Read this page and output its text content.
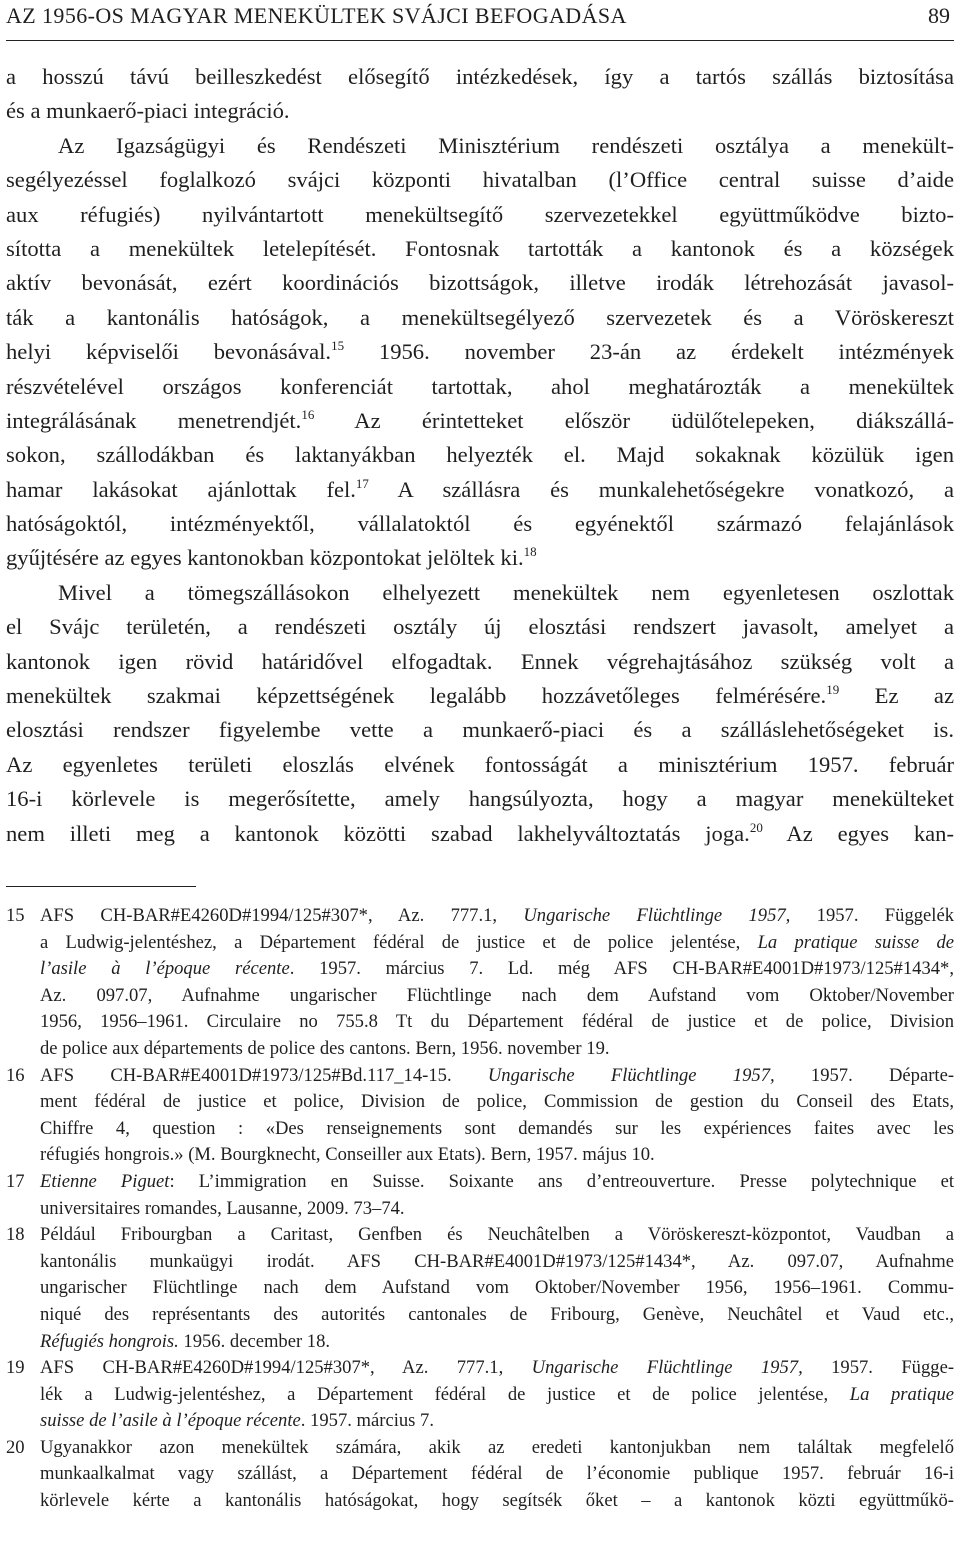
AZ 1956-OS MAGYAR MENEKÜLTEK SVÁJCI BEFOGADÁSA	89
a hosszú távú beilleszkedést elősegítő intézkedések, így a tartós szállás biztosítása
és a munkaerő-piaci integráció.
Az Igazságügyi és Rendészeti Minisztérium rendészeti osztálya a menekült-
segélyezéssel foglalkozó svájci központi hivatalban (l’Office central suisse d’aide
aux réfugiés) nyilvántartott menekültsegítő szervezetekkel együttműködve bizto-
sította a menekültek letelepítését. Fontosnak tartották a kantonok és a községek
aktív bevonását, ezért koordinációs bizottságok, illetve irodák létrehozását javasol-
ták a kantonális hatóságok, a menekültsegélyező szervezetek és a Vöröskereszt
helyi képviselői bevonásával.$^{15}$ 1956. november 23-án az érdekelt intézmények
részvételével országos konferenciát tartottak, ahol meghatározták a menekültek
integrálásának menetrendjét.$^{16}$ Az érintetteket először üdülőtelepeken, diákszállá-
sokon, szállodákban és laktanyákban helyezték el. Majd sokaknak közülük igen
hamar lakásokat ajánlottak fel.$^{17}$ A szállásra és munkalehetőségekre vonatkozó, a
hatóságoktól, intézményektől, vállalatoktól és egyénektől származó felajánlások
gyűjtésére az egyes kantonokban központokat jelöltek ki.$^{18}$
Mivel a tömegszállásokon elhelyezett menekültek nem egyenletesen oszlottak
el Svájc területén, a rendészeti osztály új elosztási rendszert javasolt, amelyet a
kantonok igen rövid határidővel elfogadtak. Ennek végrehajtásához szükség volt a
menekültek szakmai képzettségének legalább hozzávetőleges felmérésére.$^{19}$ Ez az
elosztási rendszer figyelembe vette a munkaerő-piaci és a szálláslehetőségeket is.
Az egyenletes területi eloszlás elvének fontosságát a minisztérium 1957. február
16-i körlevele is megerősítette, amely hangsúlyozta, hogy a magyar menekülteket
nem illeti meg a kantonok közötti szabad lakhelyváltoztatás joga.$^{20}$ Az egyes kan-
15 AFS CH-BAR#E4260D#1994/125#307*, Az. 777.1, Ungarische Flüchtlinge 1957, 1957. Függelék
a Ludwig-jelentéshez, a Département fédéral de justice et de police jelentése, La pratique suisse de
l’asile à l’époque récente. 1957. március 7. Ld. még AFS CH-BAR#E4001D#1973/125#1434*,
Az. 097.07, Aufnahme ungarischer Flüchtlinge nach dem Aufstand vom Oktober/November
1956, 1956–1961. Circulaire no 755.8 Tt du Département fédéral de justice et de police, Division
de police aux départements de police des cantons. Bern, 1956. november 19.
16 AFS CH-BAR#E4001D#1973/125#Bd.117_14-15. Ungarische Flüchtlinge 1957, 1957. Départe-
ment fédéral de justice et police, Division de police, Commission de gestion du Conseil des Etats,
Chiffre 4, question : «Des renseignements sont demandés sur les expériences faites avec les
réfugiés hongrois.» (M. Bourgknecht, Conseiller aux Etats). Bern, 1957. május 10.
17 Etienne Piguet: L’immigration en Suisse. Soixante ans d’entreouverture. Presse polytechnique et
universitaires romandes, Lausanne, 2009. 73–74.
18 Például Fribourgban a Caritast, Genfben és Neuchâtelben a Vöröskereszt-központot, Vaudban a
kantonális munkaügyi irodát. AFS CH-BAR#E4001D#1973/125#1434*, Az. 097.07, Aufnahme
ungarischer Flüchtlinge nach dem Aufstand vom Oktober/November 1956, 1956–1961. Commu-
niqué des représentants des autorités cantonales de Fribourg, Genève, Neuchâtel et Vaud etc.,
Réfugiés hongrois. 1956. december 18.
19 AFS CH-BAR#E4260D#1994/125#307*, Az. 777.1, Ungarische Flüchtlinge 1957, 1957. Függe-
lék a Ludwig-jelentéshez, a Département fédéral de justice et de police jelentése, La pratique
suisse de l’asile à l’époque récente. 1957. március 7.
20 Ugyanakkor azon menekültek számára, akik az eredeti kantonjukban nem találtak megfelelő
munkaalkalmat vagy szállást, a Département fédéral de l’économie publique 1957. február 16-i
körlevele kérte a kantonális hatóságokat, hogy segítsék őket – a kantonok közti együttműkö-
